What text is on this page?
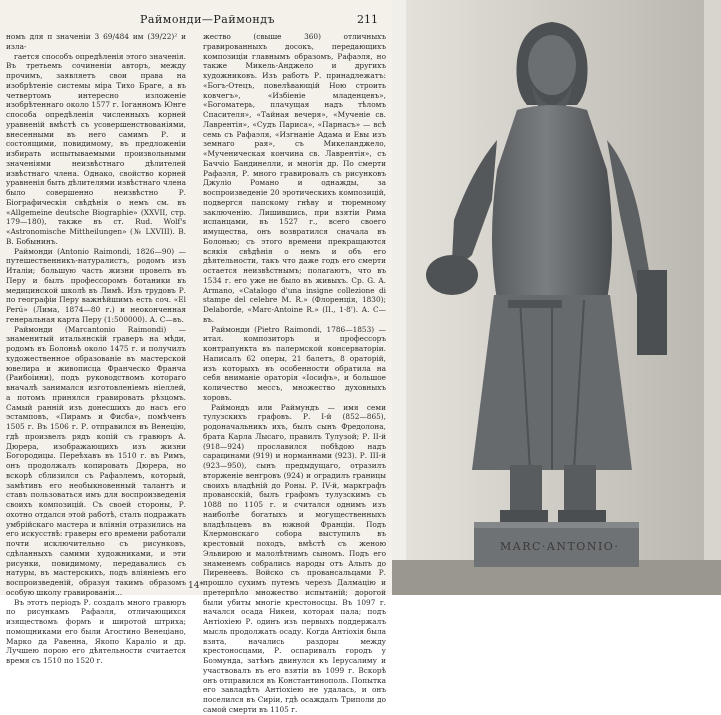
Раймонди—Раймондъ	211

номъ для π значеніи 3 69/484 им (39/22)² и изла-

гается способъ опредѣленія этого значенія. Въ третьемъ сочиненіи авторъ, между прочимъ, заявляетъ свои права на изобрѣтеніе системы міра Тихо Браге, а въ четвертомъ интересно изложеніе изобрѣтеннаго около 1577 г. Іоганномъ Юнге способа опредѣленія численныхъ корней уравненій вмѣстѣ съ усовершенствованіями, внесенными въ него самимъ Р. и состоящими, повидимому, въ предложеніи избирать испытываемыми произвольными значеніями неизвѣстнаго дѣлителей извѣстнаго члена. Однако, свойство корней уравненія быть дѣлителями извѣстнаго члена было совершенно неизвѣстно Р. Біографическія свѣдѣнія о немъ см. въ «Allgemeine deutsche Biographie» (XXVII, стр. 179—180), также въ ст. Rud. Wolf's «Astronomische Mittheilungen» (№ LXVIII). В. В. Бобынинъ.

Раймонди (Antonio Raimondi, 1826—90) — путешественникъ-натуралистъ, родомъ изъ Италіи; большую часть жизни провелъ въ Перу и былъ профессоромъ ботаники въ медицинской школѣ въ Лимѣ. Изъ трудовъ Р. по географіи Перу важнѣйшимъ есть соч. «El Perú» (Лима, 1874—80 г.) и неоконченная генеральная карта Перу (1:500000). А. С—въ.

Раймонди (Marcantonio Raimondi) — знаменитый итальянскій граверъ на мѣди, родомъ въ Болоньѣ около 1475 г. и получилъ художественное образованіе въ мастерской ювелира и живописца Франческо Франча (Раибоіини), подъ руководствомъ котораго вначалѣ занимался изготовленіемъ ніеллей, а потомъ принялся гравировать рѣзцомъ. Самый ранній изъ донесшихъ до насъ его эстамповъ, «Пирамъ и Фисба», помѣченъ 1505 г. Въ 1506 г. Р. отправился въ Венецію, гдѣ произвелъ рядъ копій съ гравюръ А. Дюрера, изображающихъ изъ жизни Богородицы. Переѣхавъ въ 1510 г. въ Римъ, онъ продолжалъ копировать Дюрера, но вскорѣ сблизился съ Рафаэлемъ, который, замѣтивъ его необыкновенный талантъ и ставъ пользоваться имъ для воспроизведенія своихъ композицій. Съ своей стороны, Р. охотно отдался этой работѣ, сталъ подражать умбрійскаго мастера и вліянія отразились на его искусствѣ: граверы его времени работали почти исключительно съ рисунковъ, сдѣланныхъ самими художниками, и эти рисунки, повидимому, передавались съ натуры, въ мастерскихъ, подъ вліяніемъ его воспроизведеній, образуя такимъ образомъ особую школу гравированія...

Въ этотъ періодъ Р. создалъ много гравюръ по рисункамъ Рафаэля, отличающихся изяществомъ формъ и широтой штриха; помощниками его были Агостино Венеціано, Марко да Равенна, Якопо Караліо и др. Лучшею порою его дѣятельности считается время съ 1510 по 1520 г.

жество (свыше 360) отличныхъ гравированныхъ досокъ, передающихъ композиціи главнымъ образомъ, Рафаэля, но также Микель-Анджело и другихъ художниковъ. Изъ работъ Р. принадлежатъ: «Богъ-Отецъ, повелѣвающій Ною строить ковчегъ», «Избіеніе младенцевъ», «Богоматерь, плачущая надъ тѣломъ Спасителя», «Тайная вечеря», «Мученіе св. Лаврентія», «Судъ Париса», «Парнасъ» — всѣ семь съ Рафаэля, «Изгнаніе Адама и Евы изъ земнаго рая», съ Микеланджело, «Мученическая кончина св. Лаврентія», съ Баччіо Бандинелли, и многія др. По смерти Рафаэля, Р. много гравировалъ съ рисунковъ Джуліо Романо и однажды, за воспроизведеніе 20 эротическихъ композицій, подвергся папскому гнѣву и тюремному заключенію. Лишившись, при взятіи Рима испанцами, въ 1527 г., всего своего имущества, онъ возвратился сначала въ Болонью; съ этого времени прекращаются всякія свѣдѣнія о немъ и объ его дѣятельности, такъ что даже годъ его смерти остается неизвѣстнымъ; полагаютъ, что въ 1534 г. его уже не было въ живыхъ. Ср. G. A. Armano, «Catalogo d'una insigne collezione di stampe del celebre M. R.» (Флоренція, 1830); Delaborde, «Marc-Antoine R.» (II., 1·8'). А. С—въ.

Раймонди (Pietro Raimondi, 1786—1853) — итал. композиторъ и профессоръ контрапункта въ палермской консерваторіи. Написалъ 62 оперы, 21 балетъ, 8 ораторій, изъ которыхъ въ особенности обратила на себя вниманіе ораторія «Іосифъ», и большое количество мессъ, множество духовныхъ хоровъ.

Раймондъ или Раймундъ — имя семи тулузскихъ графовъ. Р. I-й (852—865), родоначальникъ ихъ, былъ сынъ Фредолона, брата Карла Лысаго, правилъ Тулузой; Р. II-й (918—924) прославился побѣдою надъ сарацинами (919) и норманнами (923). Р. III-й (923—950), сынъ предыдущаго, отразилъ вторженіе венгровъ (924) и оградилъ границы своихъ владѣній до Роны. Р. IV-й, маркграфъ провансскій, былъ графомъ тулузскимъ съ 1088 по 1105 г. и считался однимъ изъ наиболѣе богатыхъ и могущественныхъ владѣльцевъ въ южной Франціи. Подъ Клермонскаго собора выступилъ въ крестовый походъ, вмѣстѣ съ женою Эльвирою и малолѣтнимъ сыномъ. Подъ его знаменемъ собрались народы отъ Альпъ до Пиренеевъ. Войско съ провансальцами Р. прошло сухимъ путемъ черезъ Далмацію и претерпѣло множество испытаній; дорогой были убиты многіе крестоносцы. Въ 1097 г. начался осада Никеи, которая пала; подъ Антіохіею Р. одинъ изъ первыхъ поддержалъ мысль продолжать осаду. Когда Антіохія была взята, начались раздоры между крестоносцами, Р. оспаривалъ городъ у Боэмунда, затѣмъ двинулся къ Іерусалиму и участвовалъ въ его взятіи въ 1099 г. Вскорѣ онъ отправился въ Константинополь. Попытка его завладѣть Антіохіею не удалась, и онъ поселился въ Сиріи, гдѣ осаждалъ Триполи до самой смерти въ 1105 г.

14*
MARC·ANTONIO·
